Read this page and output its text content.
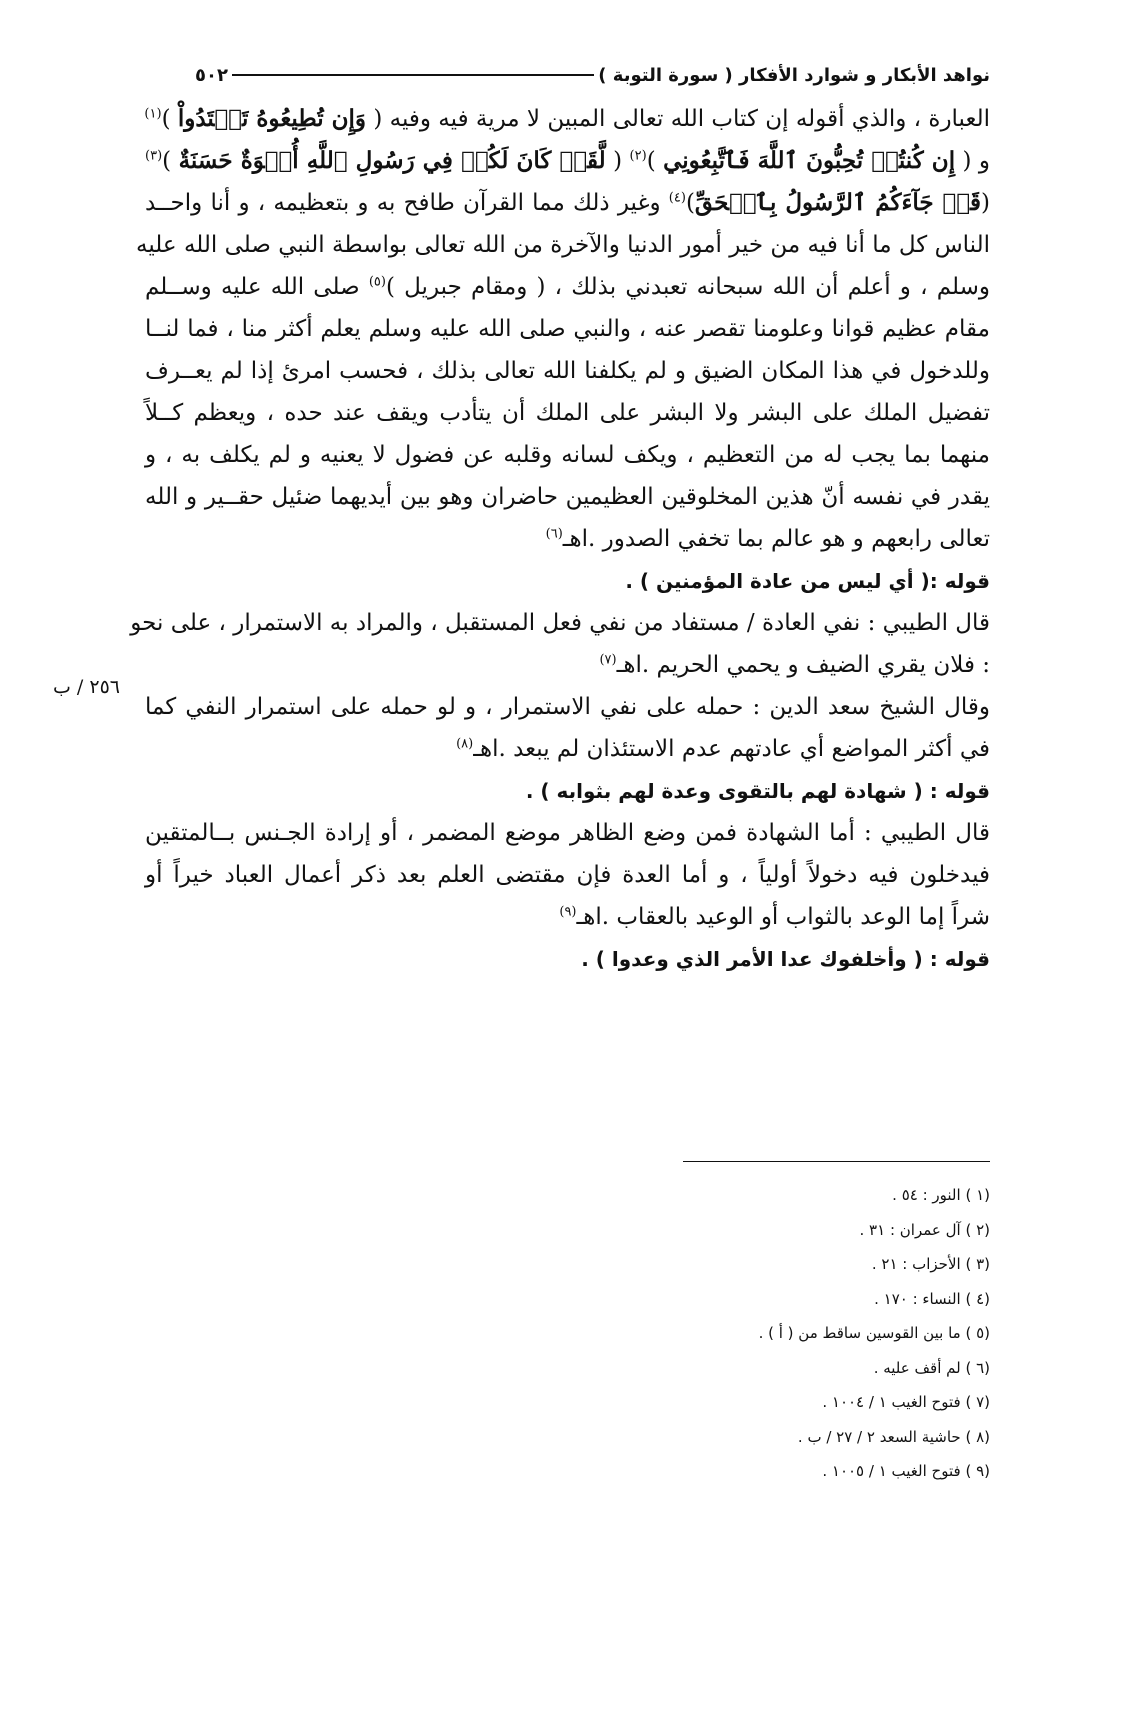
نواهد الأبكار و شوارد الأفكار ( سورة التوبة )
٥٠٢
٢٥٦ / ب
العبارة ، والذي أقوله إن كتاب الله تعالى المبين لا مرية فيه وفيه ( وَإِن تُطِيعُوهُ تَهۡتَدُواْ )$^{(١)}$
و ( إِن كُنتُمۡ تُحِبُّونَ ٱللَّهَ فَٱتَّبِعُونِي )$^{(٢)}$ ( لَّقَدۡ كَانَ لَكُمۡ فِي رَسُولِ ٱللَّهِ أُسۡوَةٌ حَسَنَةٌ )$^{(٣)}$
(قَدۡ جَآءَكُمُ ٱلرَّسُولُ بِٱلۡحَقِّ)$^{(٤)}$ وغير ذلك مما القرآن طافح به و بتعظيمه ، و أنا واحــد
الناس كل ما أنا فيه من خير أمور الدنيا والآخرة من الله تعالى بواسطة النبي صلى الله عليه
وسلم ، و أعلم أن الله سبحانه تعبدني بذلك ، ( ومقام جبريل )$^{(٥)}$ صلى الله عليه وســلم
مقام عظيم قوانا وعلومنا تقصر عنه ، والنبي صلى الله عليه وسلم يعلم أكثر منا ، فما لنــا
وللدخول في هذا المكان الضيق و لم يكلفنا الله تعالى بذلك ، فحسب امرئ إذا لم يعــرف
تفضيل الملك على البشر ولا البشر على الملك أن يتأدب ويقف عند حده ، ويعظم كــلاً
منهما بما يجب له من التعظيم ، ويكف لسانه وقلبه عن فضول لا يعنيه و لم يكلف به ، و
يقدر في نفسه أنّ هذين المخلوقين العظيمين حاضران وهو بين أيديهما ضئيل حقــير و الله
تعالى رابعهم و هو عالم بما تخفي الصدور .اهـ$^{(٦)}$
قوله :( أي ليس من عادة المؤمنين ) .
قال الطيبي : نفي العادة / مستفاد من نفي فعل المستقبل ، والمراد به الاستمرار ، على نحو
: فلان يقري الضيف و يحمي الحريم .اهـ$^{(٧)}$
وقال الشيخ سعد الدين : حمله على نفي الاستمرار ، و لو حمله على استمرار النفي كما
في أكثر المواضع أي عادتهم عدم الاستئذان لم يبعد .اهـ$^{(٨)}$
قوله : ( شهادة لهم بالتقوى وعدة لهم بثوابه ) .
قال الطيبي : أما الشهادة فمن وضع الظاهر موضع المضمر ، أو إرادة الجـنس بــالمتقين
فيدخلون فيه دخولاً أولياً ، و أما العدة فإن مقتضى العلم بعد ذكر أعمال العباد خيراً أو
شراً إما الوعد بالثواب أو الوعيد بالعقاب .اهـ$^{(٩)}$
قوله : ( وأخلفوك عدا الأمر الذي وعدوا ) .
(١ ) النور : ٥٤ .
(٢ ) آل عمران : ٣١ .
(٣ ) الأحزاب : ٢١ .
(٤ ) النساء : ١٧٠ .
(٥ ) ما بين القوسين ساقط من ( أ ) .
(٦ ) لم أقف عليه .
(٧ ) فتوح الغيب ١ / ١٠٠٤ .
(٨ ) حاشية السعد ٢ / ٢٧ / ب .
(٩ ) فتوح الغيب ١ / ١٠٠٥ .
